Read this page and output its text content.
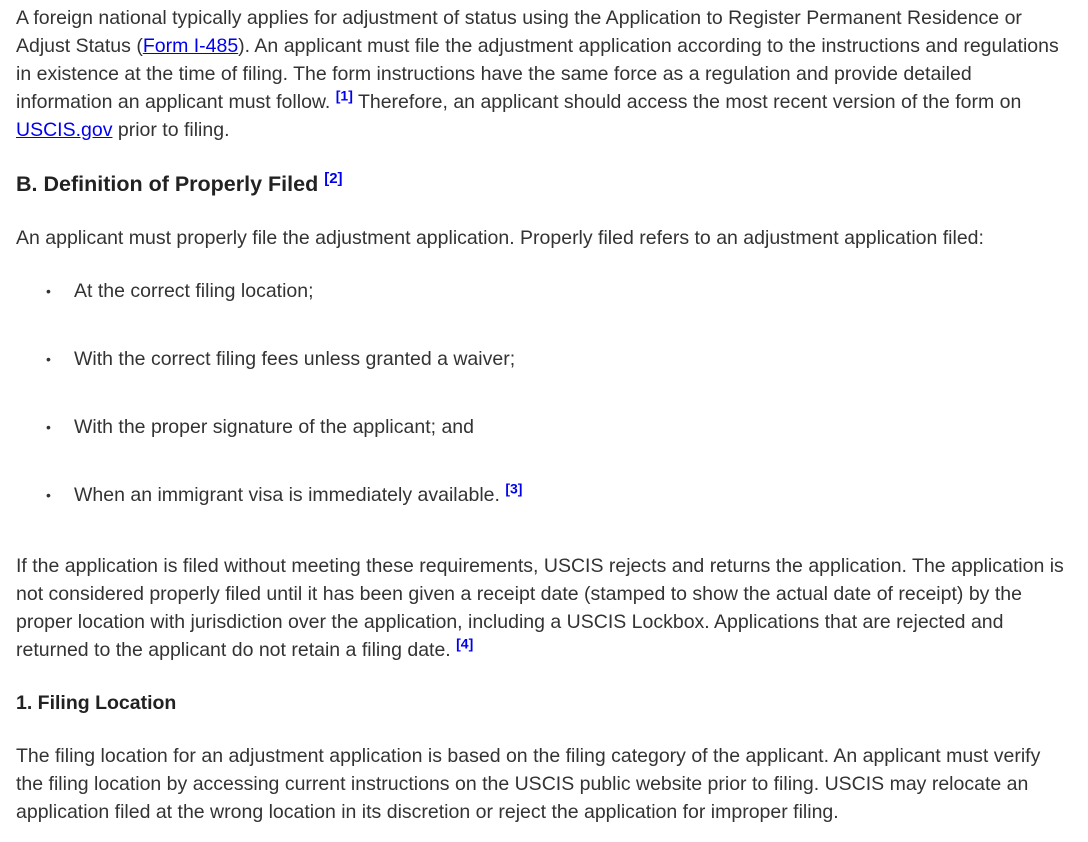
A foreign national typically applies for adjustment of status using the Application to Register Permanent Residence or Adjust Status (Form I-485). An applicant must file the adjustment application according to the instructions and regulations in existence at the time of filing. The form instructions have the same force as a regulation and provide detailed information an applicant must follow. [1] Therefore, an applicant should access the most recent version of the form on USCIS.gov prior to filing.

B. Definition of Properly Filed [2]

An applicant must properly file the adjustment application. Properly filed refers to an adjustment application filed:

• At the correct filing location;
• With the correct filing fees unless granted a waiver;
• With the proper signature of the applicant; and
• When an immigrant visa is immediately available. [3]

If the application is filed without meeting these requirements, USCIS rejects and returns the application. The application is not considered properly filed until it has been given a receipt date (stamped to show the actual date of receipt) by the proper location with jurisdiction over the application, including a USCIS Lockbox. Applications that are rejected and returned to the applicant do not retain a filing date. [4]

1. Filing Location

The filing location for an adjustment application is based on the filing category of the applicant. An applicant must verify the filing location by accessing current instructions on the USCIS public website prior to filing. USCIS may relocate an application filed at the wrong location in its discretion or reject the application for improper filing.
